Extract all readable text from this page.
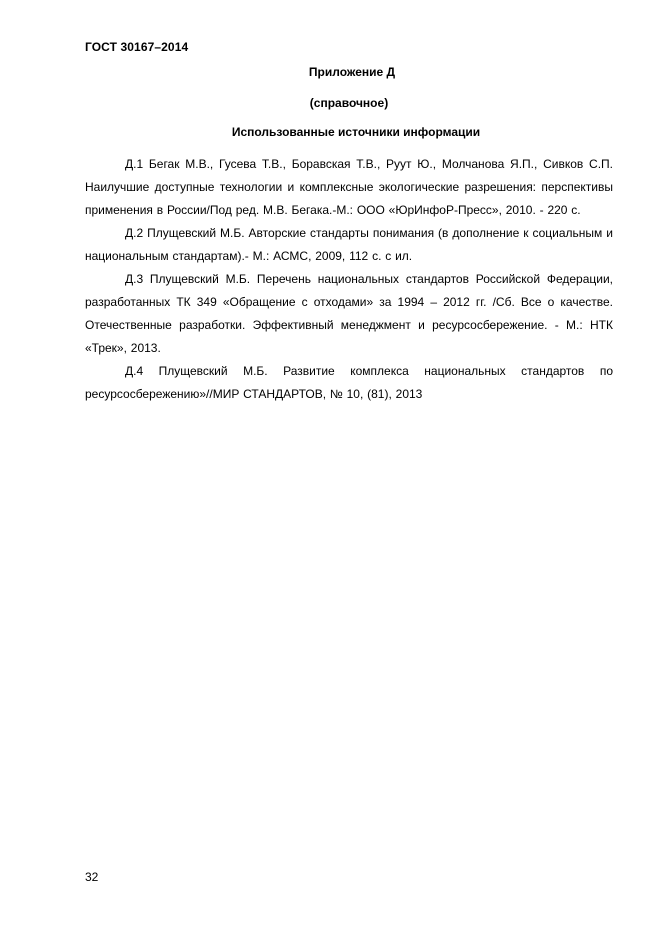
ГОСТ 30167–2014
Приложение Д
(справочное)
Использованные источники информации

Д.1 Бегак М.В., Гусева Т.В., Боравская Т.В., Руут Ю., Молчанова Я.П., Сивков С.П. Наилучшие доступные технологии и комплексные экологические разрешения: перспективы применения в России/Под ред. М.В. Бегака.-М.: ООО «ЮрИнфоР-Пресс», 2010. - 220 с.

Д.2 Плущевский М.Б. Авторские стандарты понимания (в дополнение к социальным и национальным стандартам).- М.: АСМС, 2009, 112 с. с ил.

Д.3 Плущевский М.Б. Перечень национальных стандартов Российской Федерации, разработанных ТК 349 «Обращение с отходами» за 1994 – 2012 гг. /Сб. Все о качестве. Отечественные разработки. Эффективный менеджмент и ресурсосбережение. - М.: НТК «Трек», 2013.

Д.4 Плущевский М.Б. Развитие комплекса национальных стандартов по ресурсосбережению»//МИР СТАНДАРТОВ, № 10, (81), 2013

32
